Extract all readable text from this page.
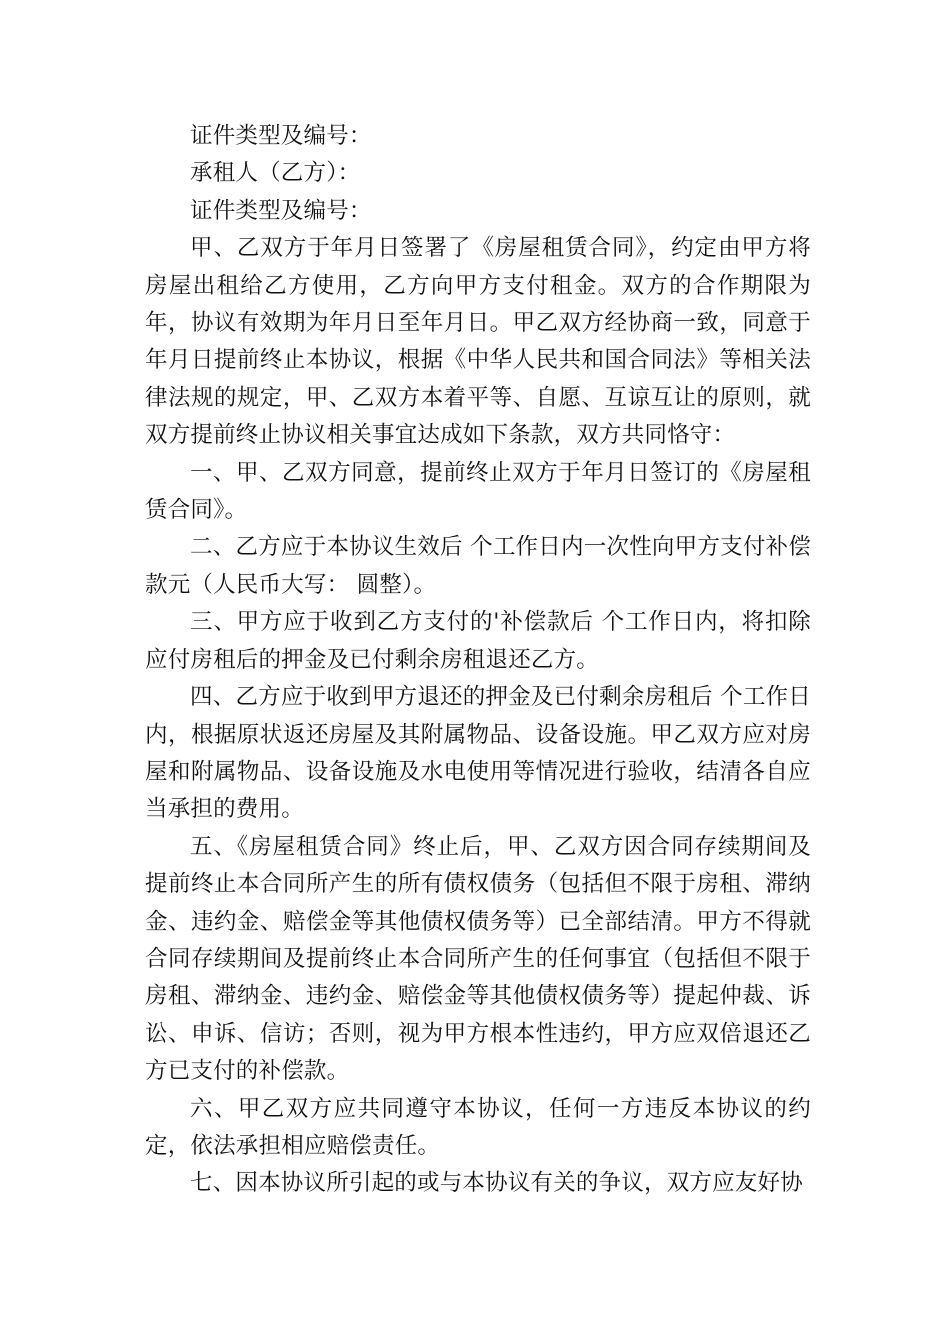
证件类型及编号：

承租人（乙方）：

证件类型及编号：

甲、乙双方于年月日签署了《房屋租赁合同》，约定由甲方将房屋出租给乙方使用，乙方向甲方支付租金。双方的合作期限为年，协议有效期为年月日至年月日。甲乙双方经协商一致，同意于年月日提前终止本协议，根据《中华人民共和国合同法》等相关法律法规的规定，甲、乙双方本着平等、自愿、互谅互让的原则，就双方提前终止协议相关事宜达成如下条款，双方共同恪守：

一、甲、乙双方同意，提前终止双方于年月日签订的《房屋租赁合同》。

二、乙方应于本协议生效后 个工作日内一次性向甲方支付补偿款元（人民币大写： 圆整）。

三、甲方应于收到乙方支付的'补偿款后 个工作日内，将扣除应付房租后的押金及已付剩余房租退还乙方。

四、乙方应于收到甲方退还的押金及已付剩余房租后 个工作日内，根据原状返还房屋及其附属物品、设备设施。甲乙双方应对房屋和附属物品、设备设施及水电使用等情况进行验收，结清各自应当承担的费用。

五、《房屋租赁合同》终止后，甲、乙双方因合同存续期间及提前终止本合同所产生的所有债权债务（包括但不限于房租、滞纳金、违约金、赔偿金等其他债权债务等）已全部结清。甲方不得就合同存续期间及提前终止本合同所产生的任何事宜（包括但不限于房租、滞纳金、违约金、赔偿金等其他债权债务等）提起仲裁、诉讼、申诉、信访；否则，视为甲方根本性违约，甲方应双倍退还乙方已支付的补偿款。

六、甲乙双方应共同遵守本协议，任何一方违反本协议的约定，依法承担相应赔偿责任。

七、因本协议所引起的或与本协议有关的争议，双方应友好协
